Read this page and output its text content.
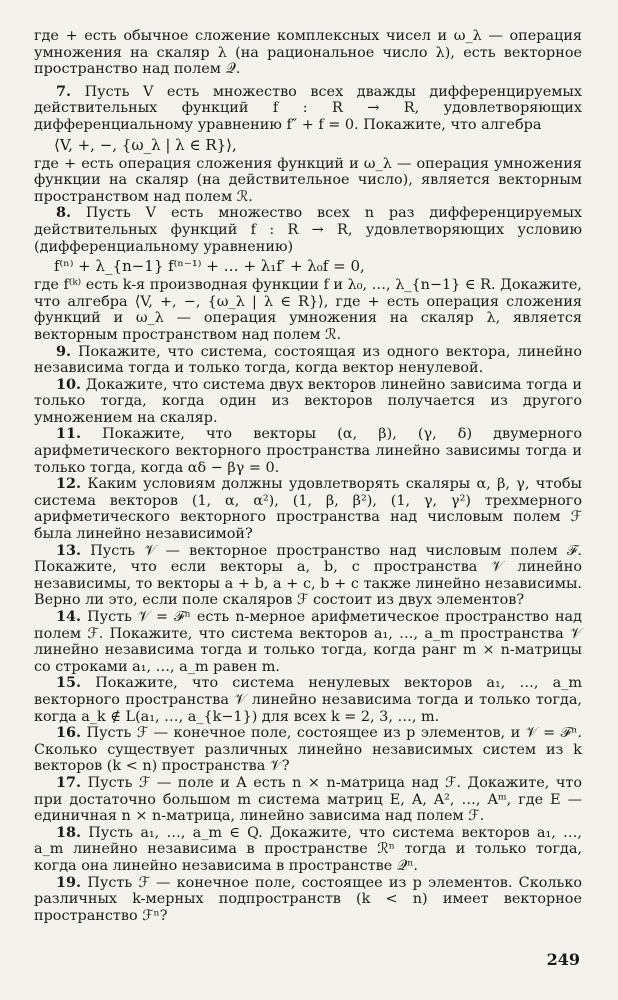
где + есть обычное сложение комплексных чисел и ω_λ — операция умножения на скаляр λ (на рациональное число λ), есть векторное пространство над полем 𝒬.

7. Пусть V есть множество всех дважды дифференцируемых действительных функций f : R → R, удовлетворяющих дифференциальному уравнению f″ + f = 0. Покажите, что алгебра

⟨V, +, −, {ω_λ | λ ∈ R}⟩,

где + есть операция сложения функций и ω_λ — операция умножения функции на скаляр (на действительное число), является векторным пространством над полем ℛ.

8. Пусть V есть множество всех n раз дифференцируемых действительных функций f : R → R, удовлетворяющих условию (дифференциальному уравнению)

f⁽ⁿ⁾ + λ_{n−1} f⁽ⁿ⁻¹⁾ + … + λ₁f′ + λ₀f = 0,

где f⁽ᵏ⁾ есть k-я производная функции f и λ₀, …, λ_{n−1} ∈ R. Докажите, что алгебра ⟨V, +, −, {ω_λ | λ ∈ R}⟩, где + есть операция сложения функций и ω_λ — операция умножения на скаляр λ, является векторным пространством над полем ℛ.

9. Покажите, что система, состоящая из одного вектора, линейно независима тогда и только тогда, когда вектор ненулевой.

10. Докажите, что система двух векторов линейно зависима тогда и только тогда, когда один из векторов получается из другого умножением на скаляр.

11. Покажите, что векторы (α, β), (γ, δ) двумерного арифметического векторного пространства линейно зависимы тогда и только тогда, когда αδ − βγ = 0.

12. Каким условиям должны удовлетворять скаляры α, β, γ, чтобы система векторов (1, α, α²), (1, β, β²), (1, γ, γ²) трехмерного арифметического векторного пространства над числовым полем ℱ была линейно независимой?

13. Пусть 𝒱 — векторное пространство над числовым полем ℱ. Покажите, что если векторы a, b, c пространства 𝒱 линейно независимы, то векторы a + b, a + c, b + c также линейно независимы. Верно ли это, если поле скаляров ℱ состоит из двух элементов?

14. Пусть 𝒱 = ℱⁿ есть n-мерное арифметическое пространство над полем ℱ. Покажите, что система векторов a₁, …, a_m пространства 𝒱 линейно независима тогда и только тогда, когда ранг m × n-матрицы со строками a₁, …, a_m равен m.

15. Покажите, что система ненулевых векторов a₁, …, a_m векторного пространства 𝒱 линейно независима тогда и только тогда, когда a_k ∉ L(a₁, …, a_{k−1}) для всех k = 2, 3, …, m.

16. Пусть ℱ — конечное поле, состоящее из p элементов, и 𝒱 = ℱⁿ. Сколько существует различных линейно независимых систем из k векторов (k < n) пространства 𝒱?

17. Пусть ℱ — поле и A есть n × n-матрица над ℱ. Докажите, что при достаточно большом m система матриц E, A, A², …, Aᵐ, где E — единичная n × n-матрица, линейно зависима над полем ℱ.

18. Пусть a₁, …, a_m ∈ Q. Докажите, что система векторов a₁, …, a_m линейно независима в пространстве ℛⁿ тогда и только тогда, когда она линейно независима в пространстве 𝒬ⁿ.

19. Пусть ℱ — конечное поле, состоящее из p элементов. Сколько различных k-мерных подпространств (k < n) имеет векторное пространство ℱⁿ?

249
